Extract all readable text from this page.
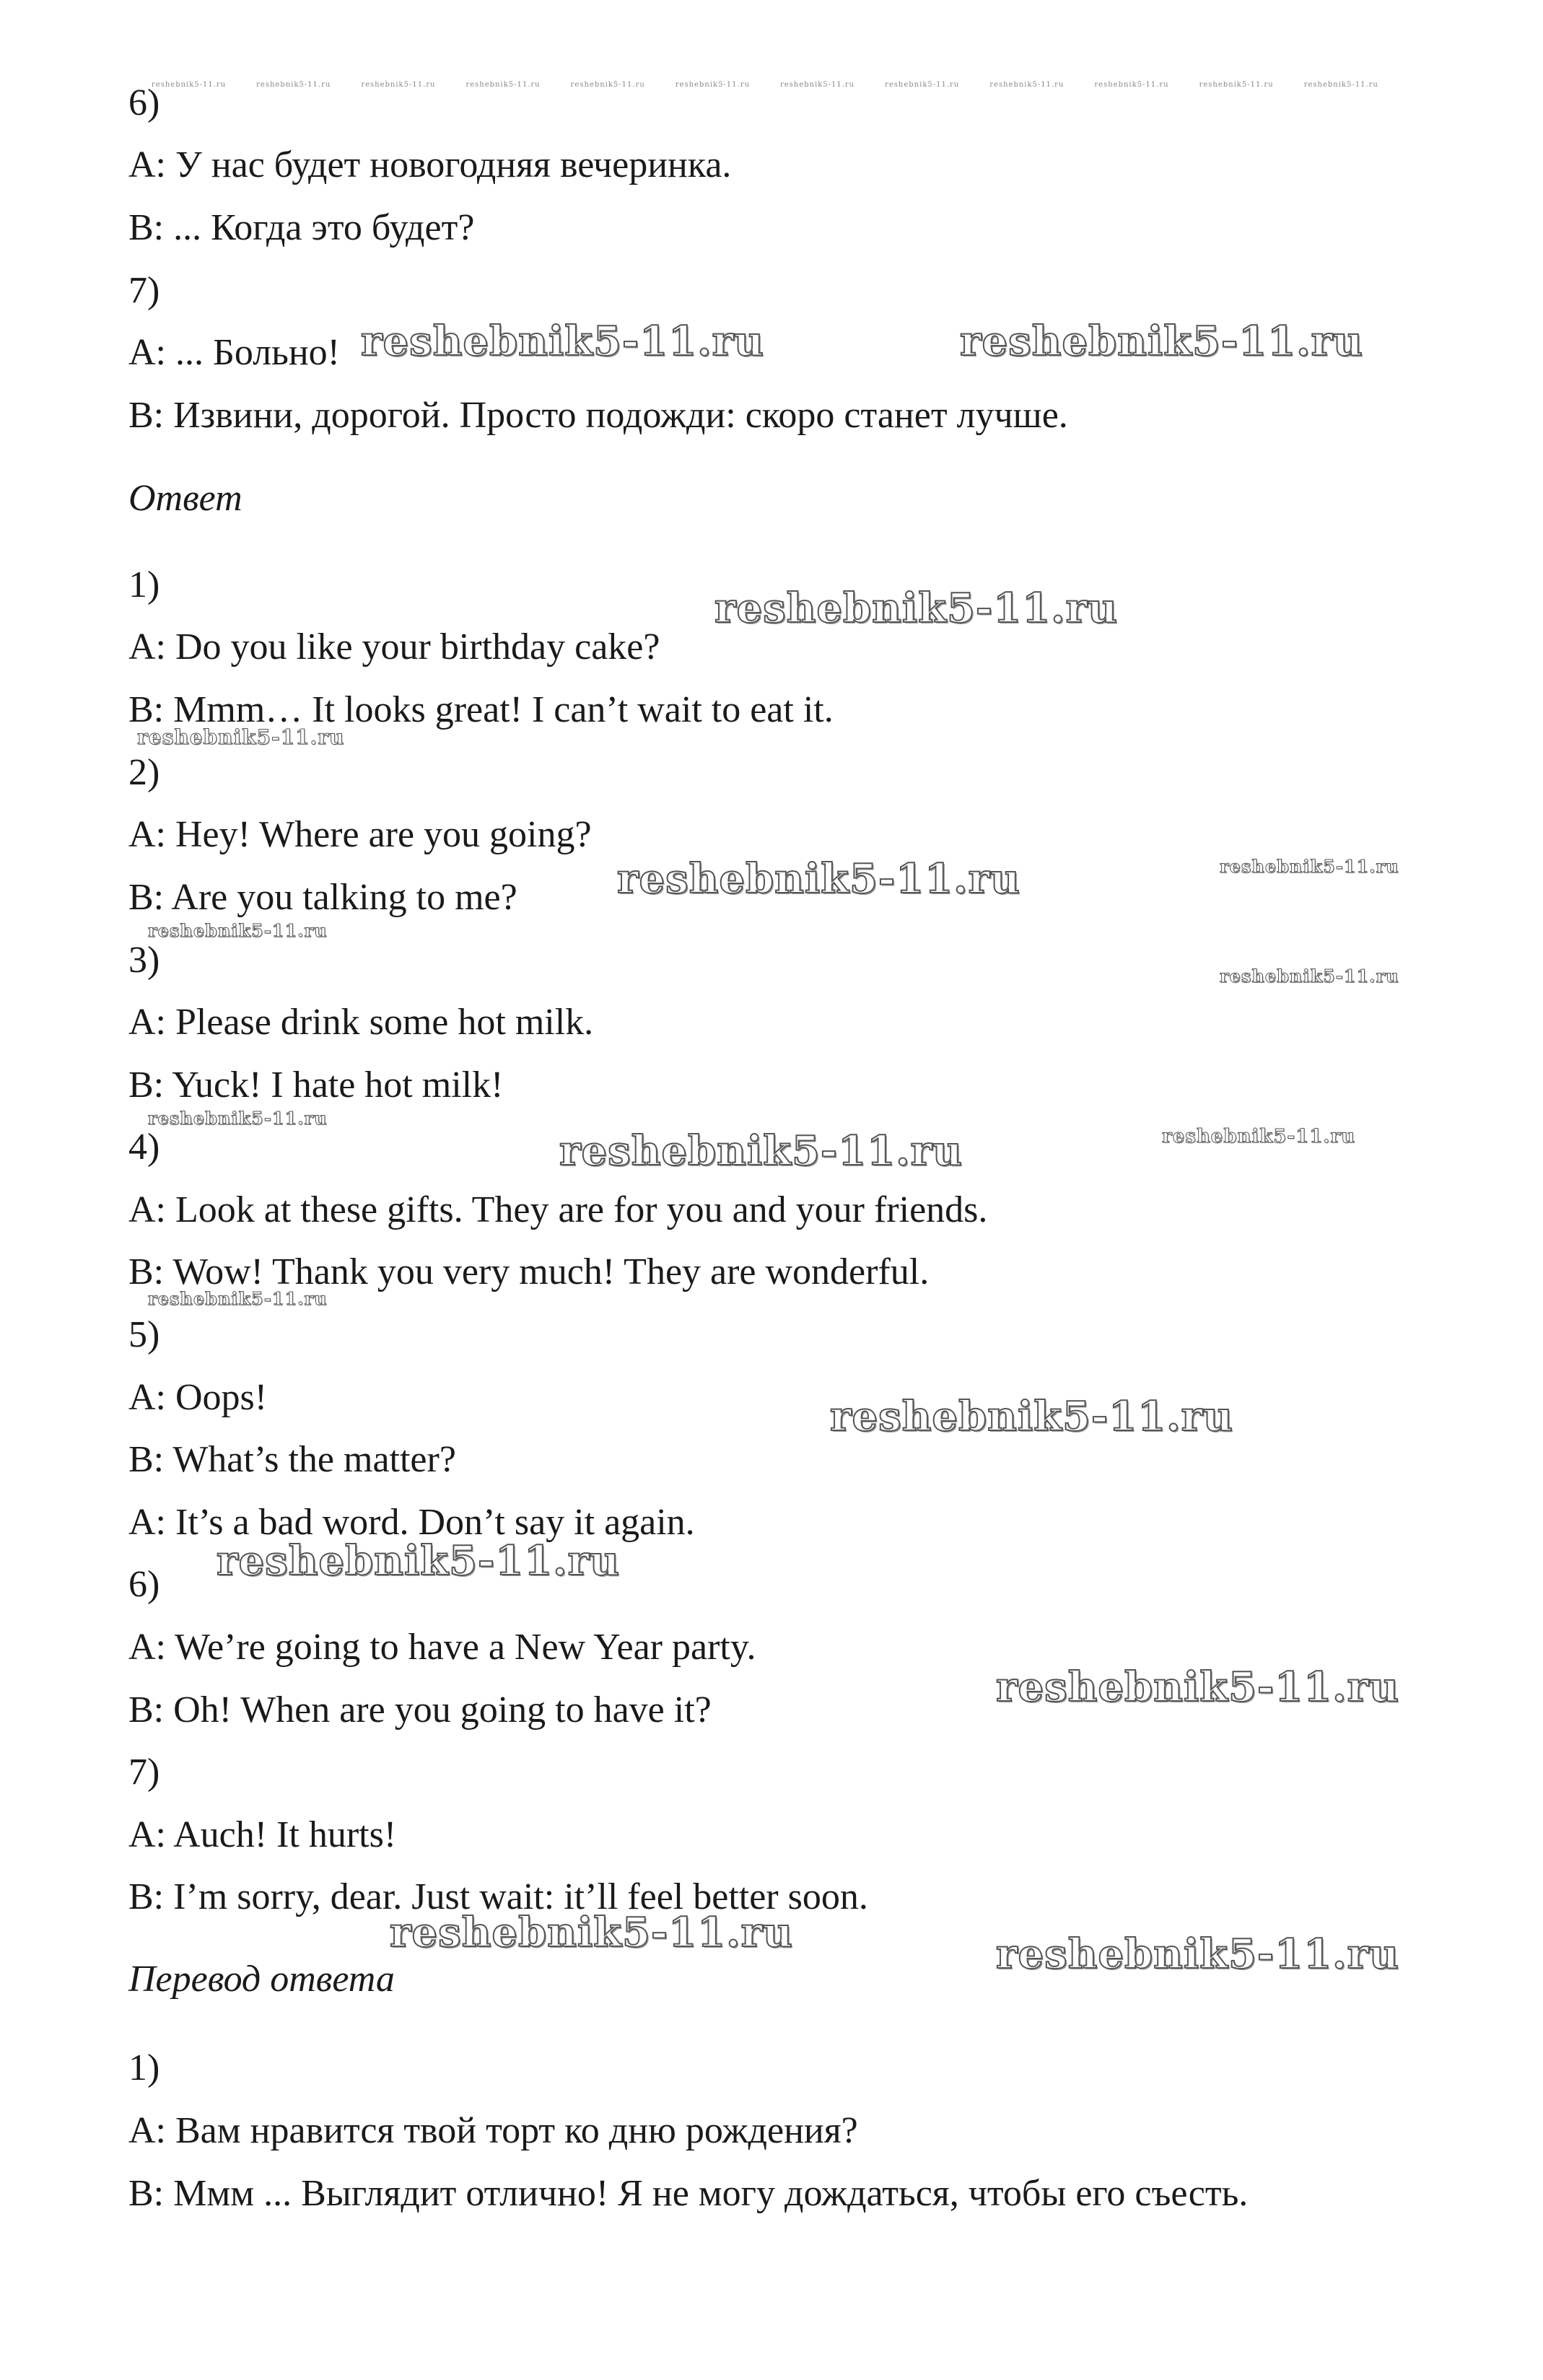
reshebnik5-11.ru	reshebnik5-11.ru	reshebnik5-11.ru	reshebnik5-11.ru	reshebnik5-11.ru	reshebnik5-11.ru	reshebnik5-11.ru	reshebnik5-11.ru	reshebnik5-11.ru	reshebnik5-11.ru	reshebnik5-11.ru	reshebnik5-11.ru
6)
A: У нас будет новогодняя вечеринка.
B: ... Когда это будет?
7)
A: ... Больно!
B: Извини, дорогой. Просто подожди: скоро станет лучше.
Ответ
1)
A: Do you like your birthday cake?
B: Mmm… It looks great! I can’t wait to eat it.
2)
A: Hey! Where are you going?
B: Are you talking to me?
3)
A: Please drink some hot milk.
B: Yuck! I hate hot milk!
4)
A: Look at these gifts. They are for you and your friends.
B: Wow! Thank you very much! They are wonderful.
5)
A: Oops!
B: What’s the matter?
A: It’s a bad word. Don’t say it again.
6)
A: We’re going to have a New Year party.
B: Oh! When are you going to have it?
7)
A: Auch! It hurts!
B: I’m sorry, dear. Just wait: it’ll feel better soon.
Перевод ответа
1)
A: Вам нравится твой торт ко дню рождения?
B: Ммм ... Выглядит отлично! Я не могу дождаться, чтобы его съесть.
reshebnik5-11.ru	reshebnik5-11.ru
reshebnik5-11.ru
reshebnik5-11.ru
reshebnik5-11.ru	reshebnik5-11.ru
reshebnik5-11.ru
reshebnik5-11.ru
reshebnik5-11.ru
reshebnik5-11.ru	reshebnik5-11.ru
reshebnik5-11.ru
reshebnik5-11.ru
reshebnik5-11.ru
reshebnik5-11.ru
reshebnik5-11.ru	reshebnik5-11.ru
